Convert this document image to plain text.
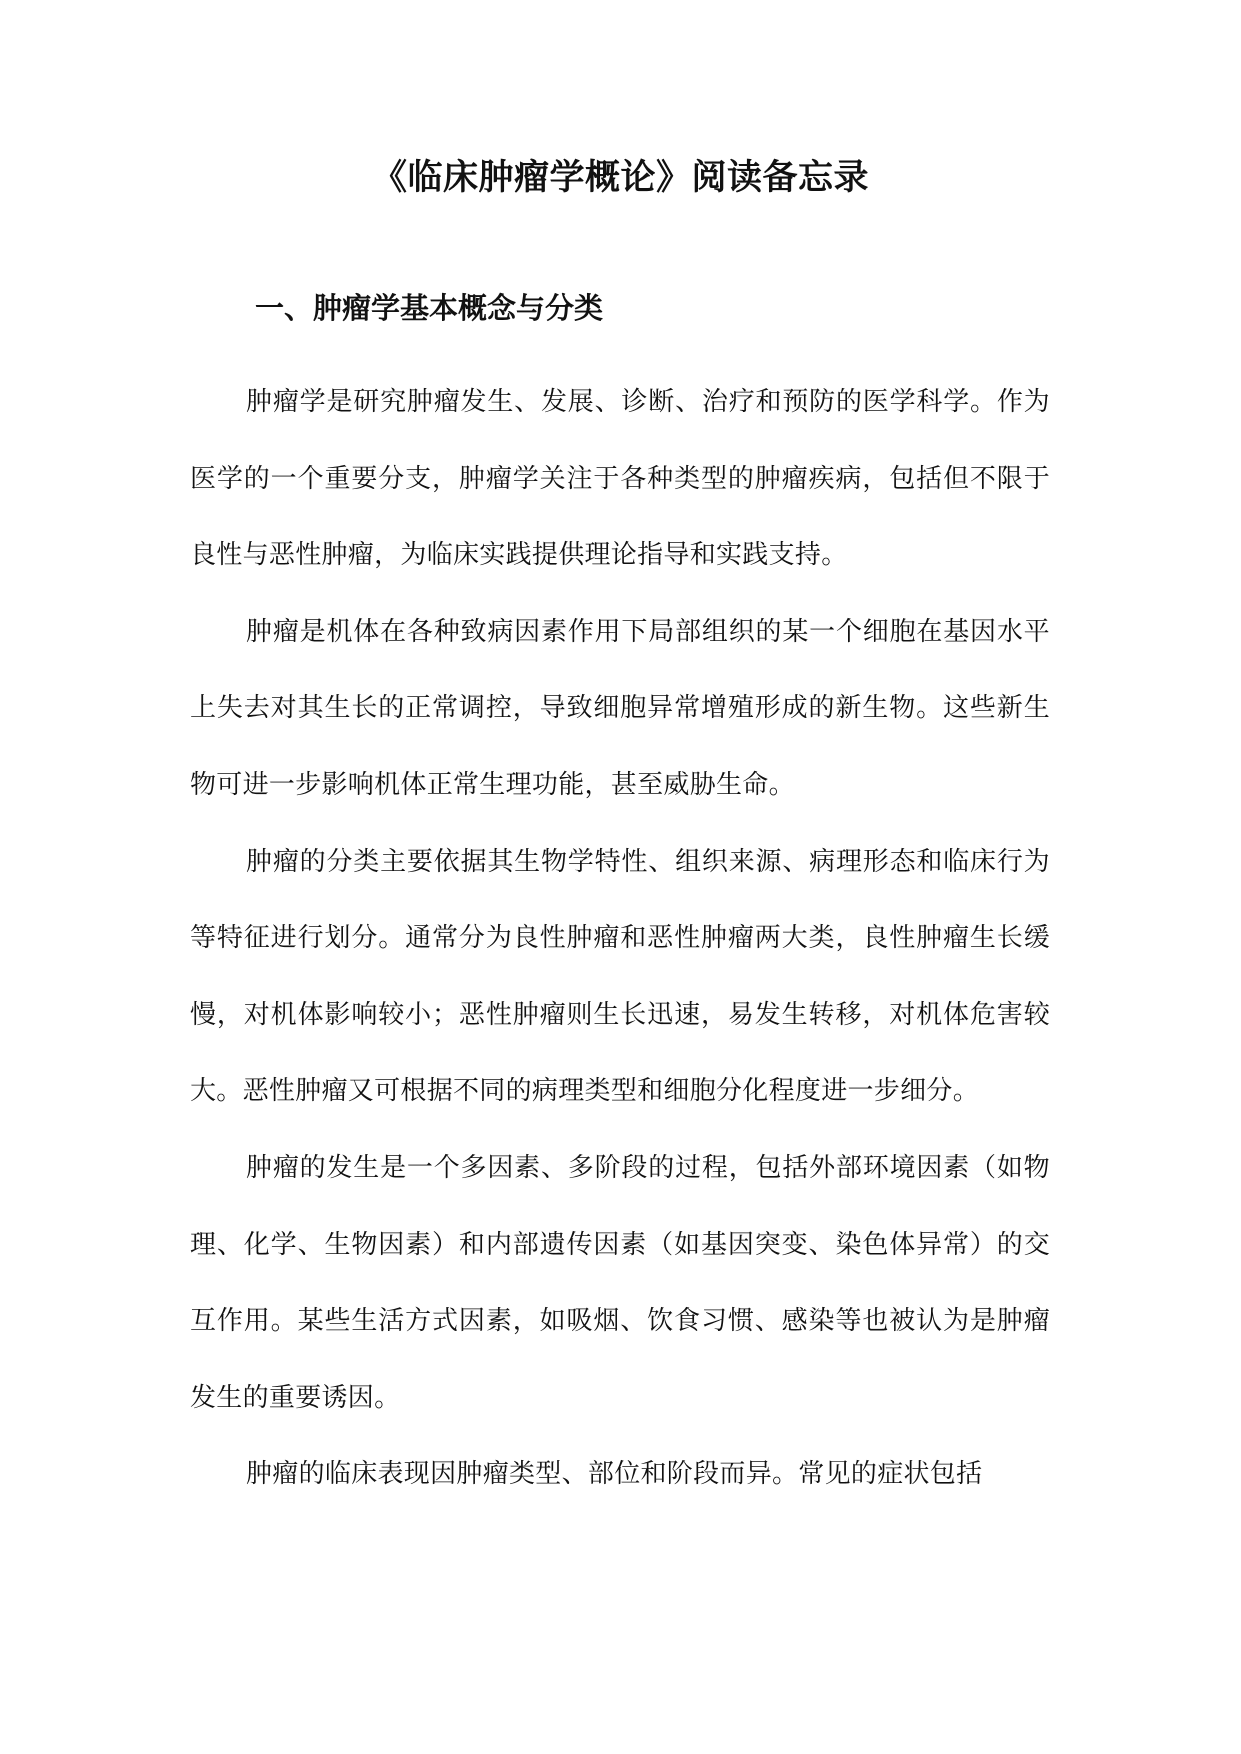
《临床肿瘤学概论》阅读备忘录
一、肿瘤学基本概念与分类

肿瘤学是研究肿瘤发生、发展、诊断、治疗和预防的医学科学。作为医学的一个重要分支，肿瘤学关注于各种类型的肿瘤疾病，包括但不限于良性与恶性肿瘤，为临床实践提供理论指导和实践支持。

肿瘤是机体在各种致病因素作用下局部组织的某一个细胞在基因水平上失去对其生长的正常调控，导致细胞异常增殖形成的新生物。这些新生物可进一步影响机体正常生理功能，甚至威胁生命。

肿瘤的分类主要依据其生物学特性、组织来源、病理形态和临床行为等特征进行划分。通常分为良性肿瘤和恶性肿瘤两大类，良性肿瘤生长缓慢，对机体影响较小；恶性肿瘤则生长迅速，易发生转移，对机体危害较大。恶性肿瘤又可根据不同的病理类型和细胞分化程度进一步细分。

肿瘤的发生是一个多因素、多阶段的过程，包括外部环境因素（如物理、化学、生物因素）和内部遗传因素（如基因突变、染色体异常）的交互作用。某些生活方式因素，如吸烟、饮食习惯、感染等也被认为是肿瘤发生的重要诱因。

肿瘤的临床表现因肿瘤类型、部位和阶段而异。常见的症状包括
